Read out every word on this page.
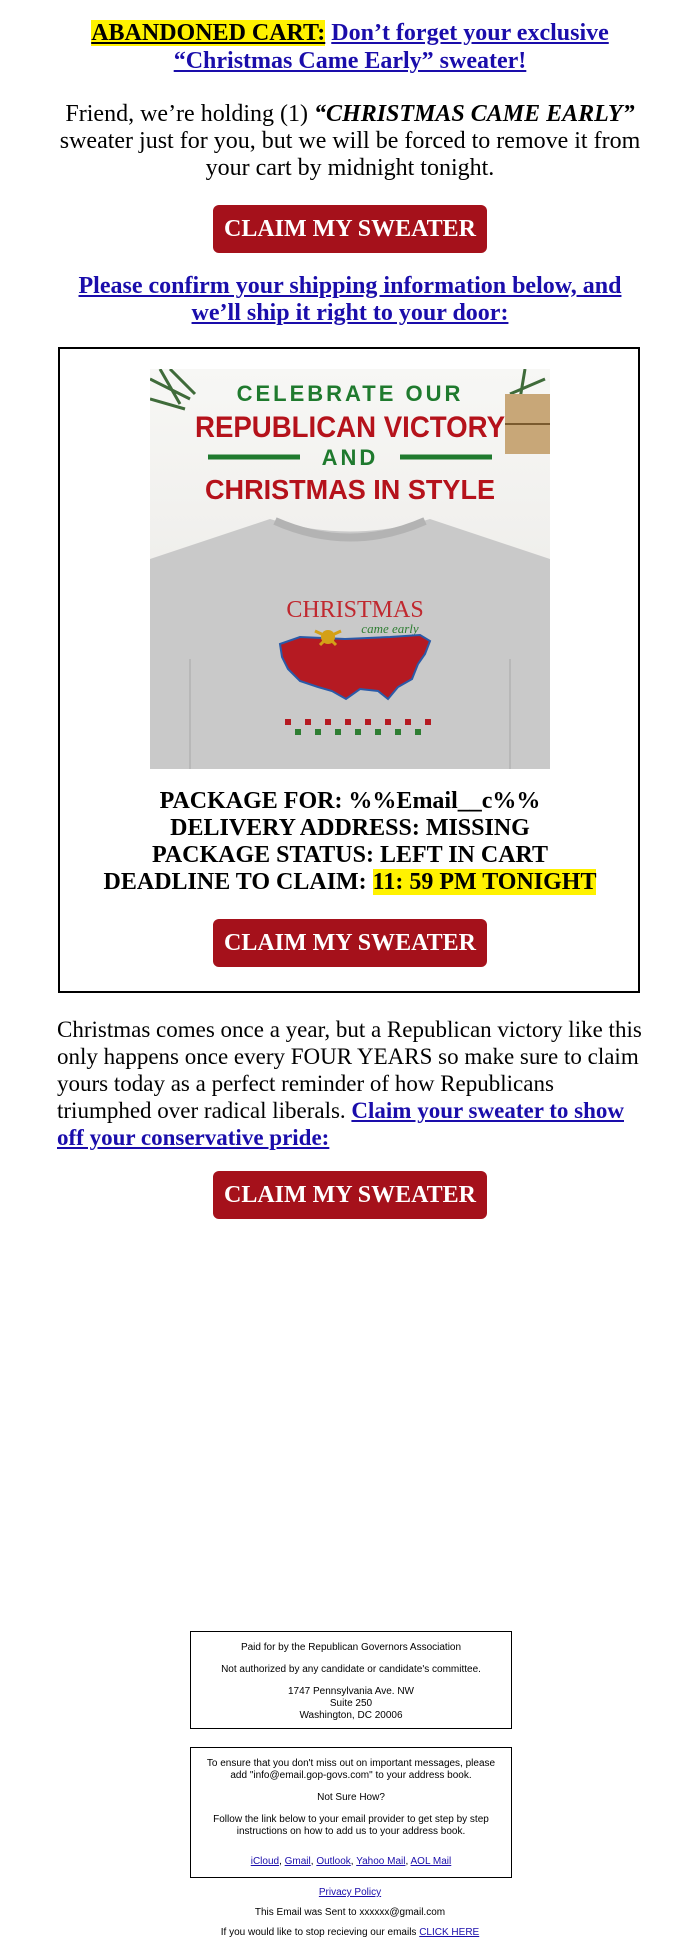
ABANDONED CART: Don’t forget your exclusive
“Christmas Came Early” sweater!
Friend, we’re holding (1) “CHRISTMAS CAME EARLY” sweater just for you, but we will be forced to remove it from your cart by midnight tonight.
CLAIM MY SWEATER
Please confirm your shipping information below, and
we’ll ship it right to your door:
CELEBRATE OUR
REPUBLICAN VICTORY
AND
CHRISTMAS IN STYLE
CHRISTMAS
came early
PACKAGE FOR: %%Email__c%%
DELIVERY ADDRESS: MISSING
PACKAGE STATUS: LEFT IN CART
DEADLINE TO CLAIM: 11: 59 PM TONIGHT
CLAIM MY SWEATER
Christmas comes once a year, but a Republican victory like this only happens once every FOUR YEARS so make sure to claim yours today as a perfect reminder of how Republicans triumphed over radical liberals. Claim your sweater to show off your conservative pride:
CLAIM MY SWEATER

Paid for by the Republican Governors Association

Not authorized by any candidate or candidate's committee.

1747 Pennsylvania Ave. NW
Suite 250
Washington, DC 20006

To ensure that you don't miss out on important messages, please add "info@email.gop-govs.com" to your address book.

Not Sure How?

Follow the link below to your email provider to get step by step instructions on how to add us to your address book.

iCloud, Gmail, Outlook, Yahoo Mail, AOL Mail

Privacy Policy

This Email was Sent to xxxxxx@gmail.com

If you would like to stop recieving our emails CLICK HERE
